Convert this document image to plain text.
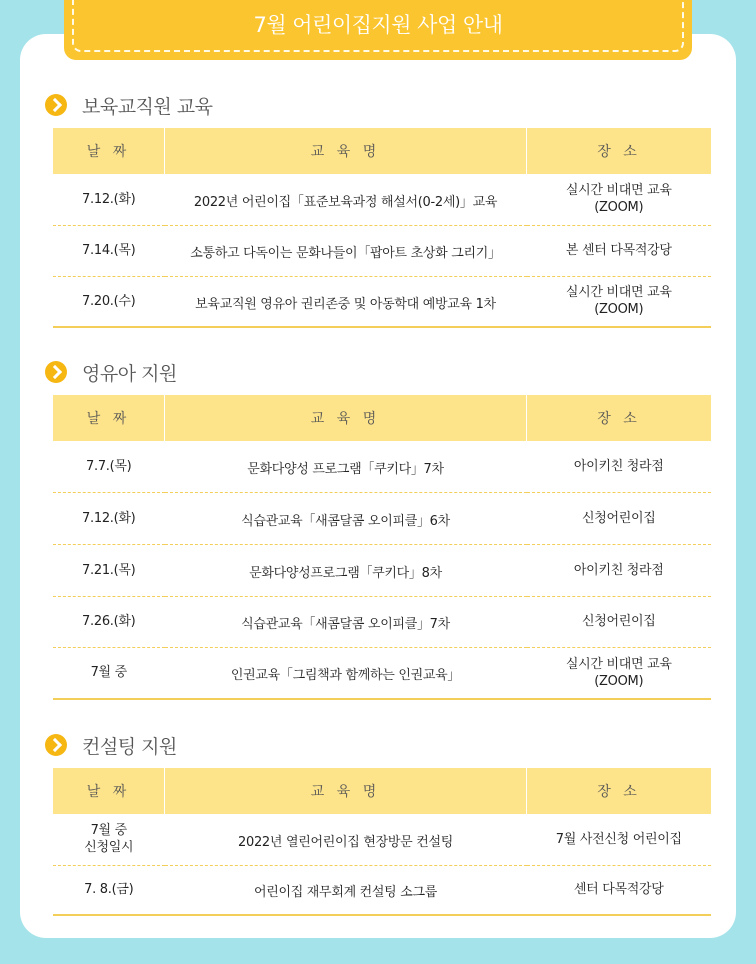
7월 어린이집지원 사업 안내
보육교직원 교육
날 짜	교 육 명	장 소
7.12.(화)	2022년 어린이집「표준보육과정 해설서(0-2세)」교육	실시간 비대면 교육
(ZOOM)
7.14.(목)	소통하고 다독이는 문화나들이「팝아트 초상화 그리기」	본 센터 다목적강당
7.20.(수)	보육교직원 영유아 권리존중 및 아동학대 예방교육 1차	실시간 비대면 교육
(ZOOM)
영유아 지원
날 짜	교 육 명	장 소
7.7.(목)	문화다양성 프로그램「쿠키다」7차	아이키친 청라점
7.12.(화)	식습관교육「새콤달콤 오이피클」6차	신청어린이집
7.21.(목)	문화다양성프로그램「쿠키다」8차	아이키친 청라점
7.26.(화)	식습관교육「새콤달콤 오이피클」7차	신청어린이집
7월 중	인권교육「그림책과 함께하는 인권교육」	실시간 비대면 교육
(ZOOM)
컨설팅 지원
날 짜	교 육 명	장 소
7월 중
신청일시	2022년 열린어린이집 현장방문 컨설팅	7월 사전신청 어린이집
7. 8.(금)	어린이집 재무회계 컨설팅 소그룹	센터 다목적강당
